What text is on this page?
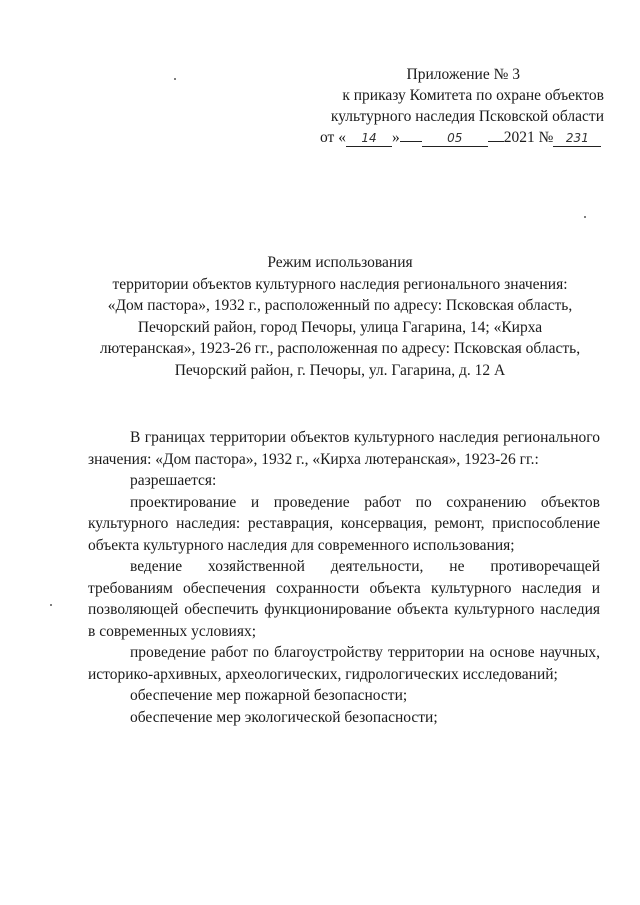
Приложение № 3
к приказу Комитета по охране объектов
культурного наследия Псковской области
от « 14 »	05	2021 № 231
Режим использования
территории объектов культурного наследия регионального значения:
«Дом пастора», 1932 г., расположенный по адресу: Псковская область,
Печорский район, город Печоры, улица Гагарина, 14; «Кирха
лютеранская», 1923-26 гг., расположенная по адресу: Псковская область,
Печорский район, г. Печоры, ул. Гагарина, д. 12 А

В границах территории объектов культурного наследия регионального значения: «Дом пастора», 1932 г., «Кирха лютеранская», 1923-26 гг.:

разрешается:

проектирование и проведение работ по сохранению объектов культурного наследия: реставрация, консервация, ремонт, приспособление объекта культурного наследия для современного использования;

ведение хозяйственной деятельности, не противоречащей требованиям обеспечения сохранности объекта культурного наследия и позволяющей обеспечить функционирование объекта культурного наследия в современных условиях;

проведение работ по благоустройству территории на основе научных, историко-архивных, археологических, гидрологических исследований;

обеспечение мер пожарной безопасности;

обеспечение мер экологической безопасности;
